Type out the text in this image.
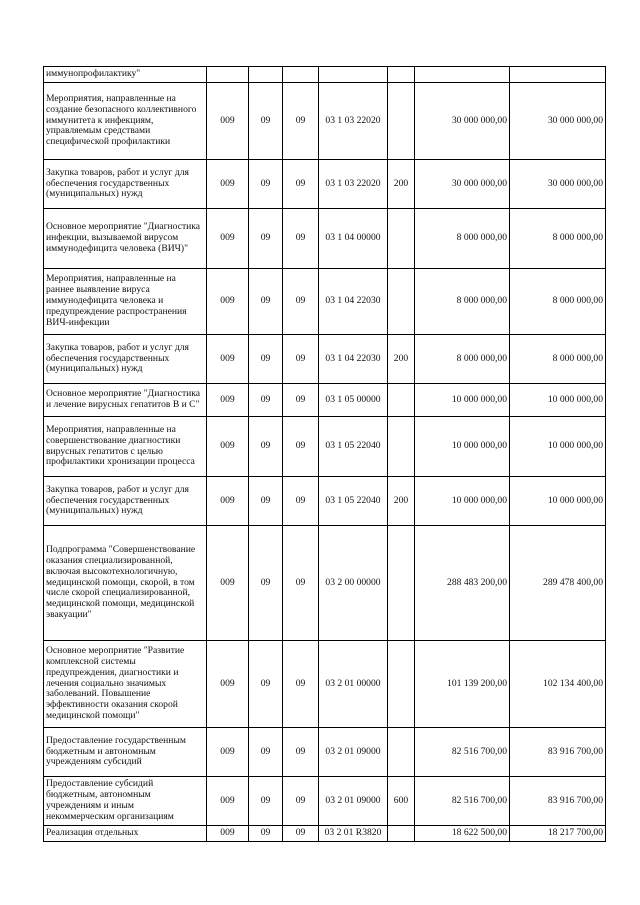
иммунопрофилактику"							
Мероприятия, направленные на создание безопасного коллективного иммунитета к инфекциям, управляемым средствами специфической профилактики	009	09	09	03 1 03 22020		30 000 000,00	30 000 000,00
Закупка товаров, работ и услуг для обеспечения государственных (муниципальных) нужд	009	09	09	03 1 03 22020	200	30 000 000,00	30 000 000,00
Основное мероприятие "Диагностика инфекции, вызываемой вирусом иммунодефицита человека (ВИЧ)"	009	09	09	03 1 04 00000		8 000 000,00	8 000 000,00
Мероприятия, направленные на раннее выявление вируса иммунодефицита человека и предупреждение распространения ВИЧ-инфекции	009	09	09	03 1 04 22030		8 000 000,00	8 000 000,00
Закупка товаров, работ и услуг для обеспечения государственных (муниципальных) нужд	009	09	09	03 1 04 22030	200	8 000 000,00	8 000 000,00
Основное мероприятие "Диагностика и лечение вирусных гепатитов В и С"	009	09	09	03 1 05 00000		10 000 000,00	10 000 000,00
Мероприятия, направленные на совершенствование диагностики вирусных гепатитов с целью профилактики хронизации процесса	009	09	09	03 1 05 22040		10 000 000,00	10 000 000,00
Закупка товаров, работ и услуг для обеспечения государственных (муниципальных) нужд	009	09	09	03 1 05 22040	200	10 000 000,00	10 000 000,00
Подпрограмма "Совершенствование оказания специализированной, включая высокотехнологичную, медицинской помощи, скорой, в том числе скорой специализированной, медицинской помощи, медицинской эвакуации"	009	09	09	03 2 00 00000		288 483 200,00	289 478 400,00
Основное мероприятие "Развитие комплексной системы предупреждения, диагностики и лечения социально значимых заболеваний. Повышение эффективности оказания скорой медицинской помощи"	009	09	09	03 2 01 00000		101 139 200,00	102 134 400,00
Предоставление государственным бюджетным и автономным учреждениям субсидий	009	09	09	03 2 01 09000		82 516 700,00	83 916 700,00
Предоставление субсидий бюджетным, автономным учреждениям и иным некоммерческим организациям	009	09	09	03 2 01 09000	600	82 516 700,00	83 916 700,00
Реализация отдельных	009	09	09	03 2 01 R3820		18 622 500,00	18 217 700,00
